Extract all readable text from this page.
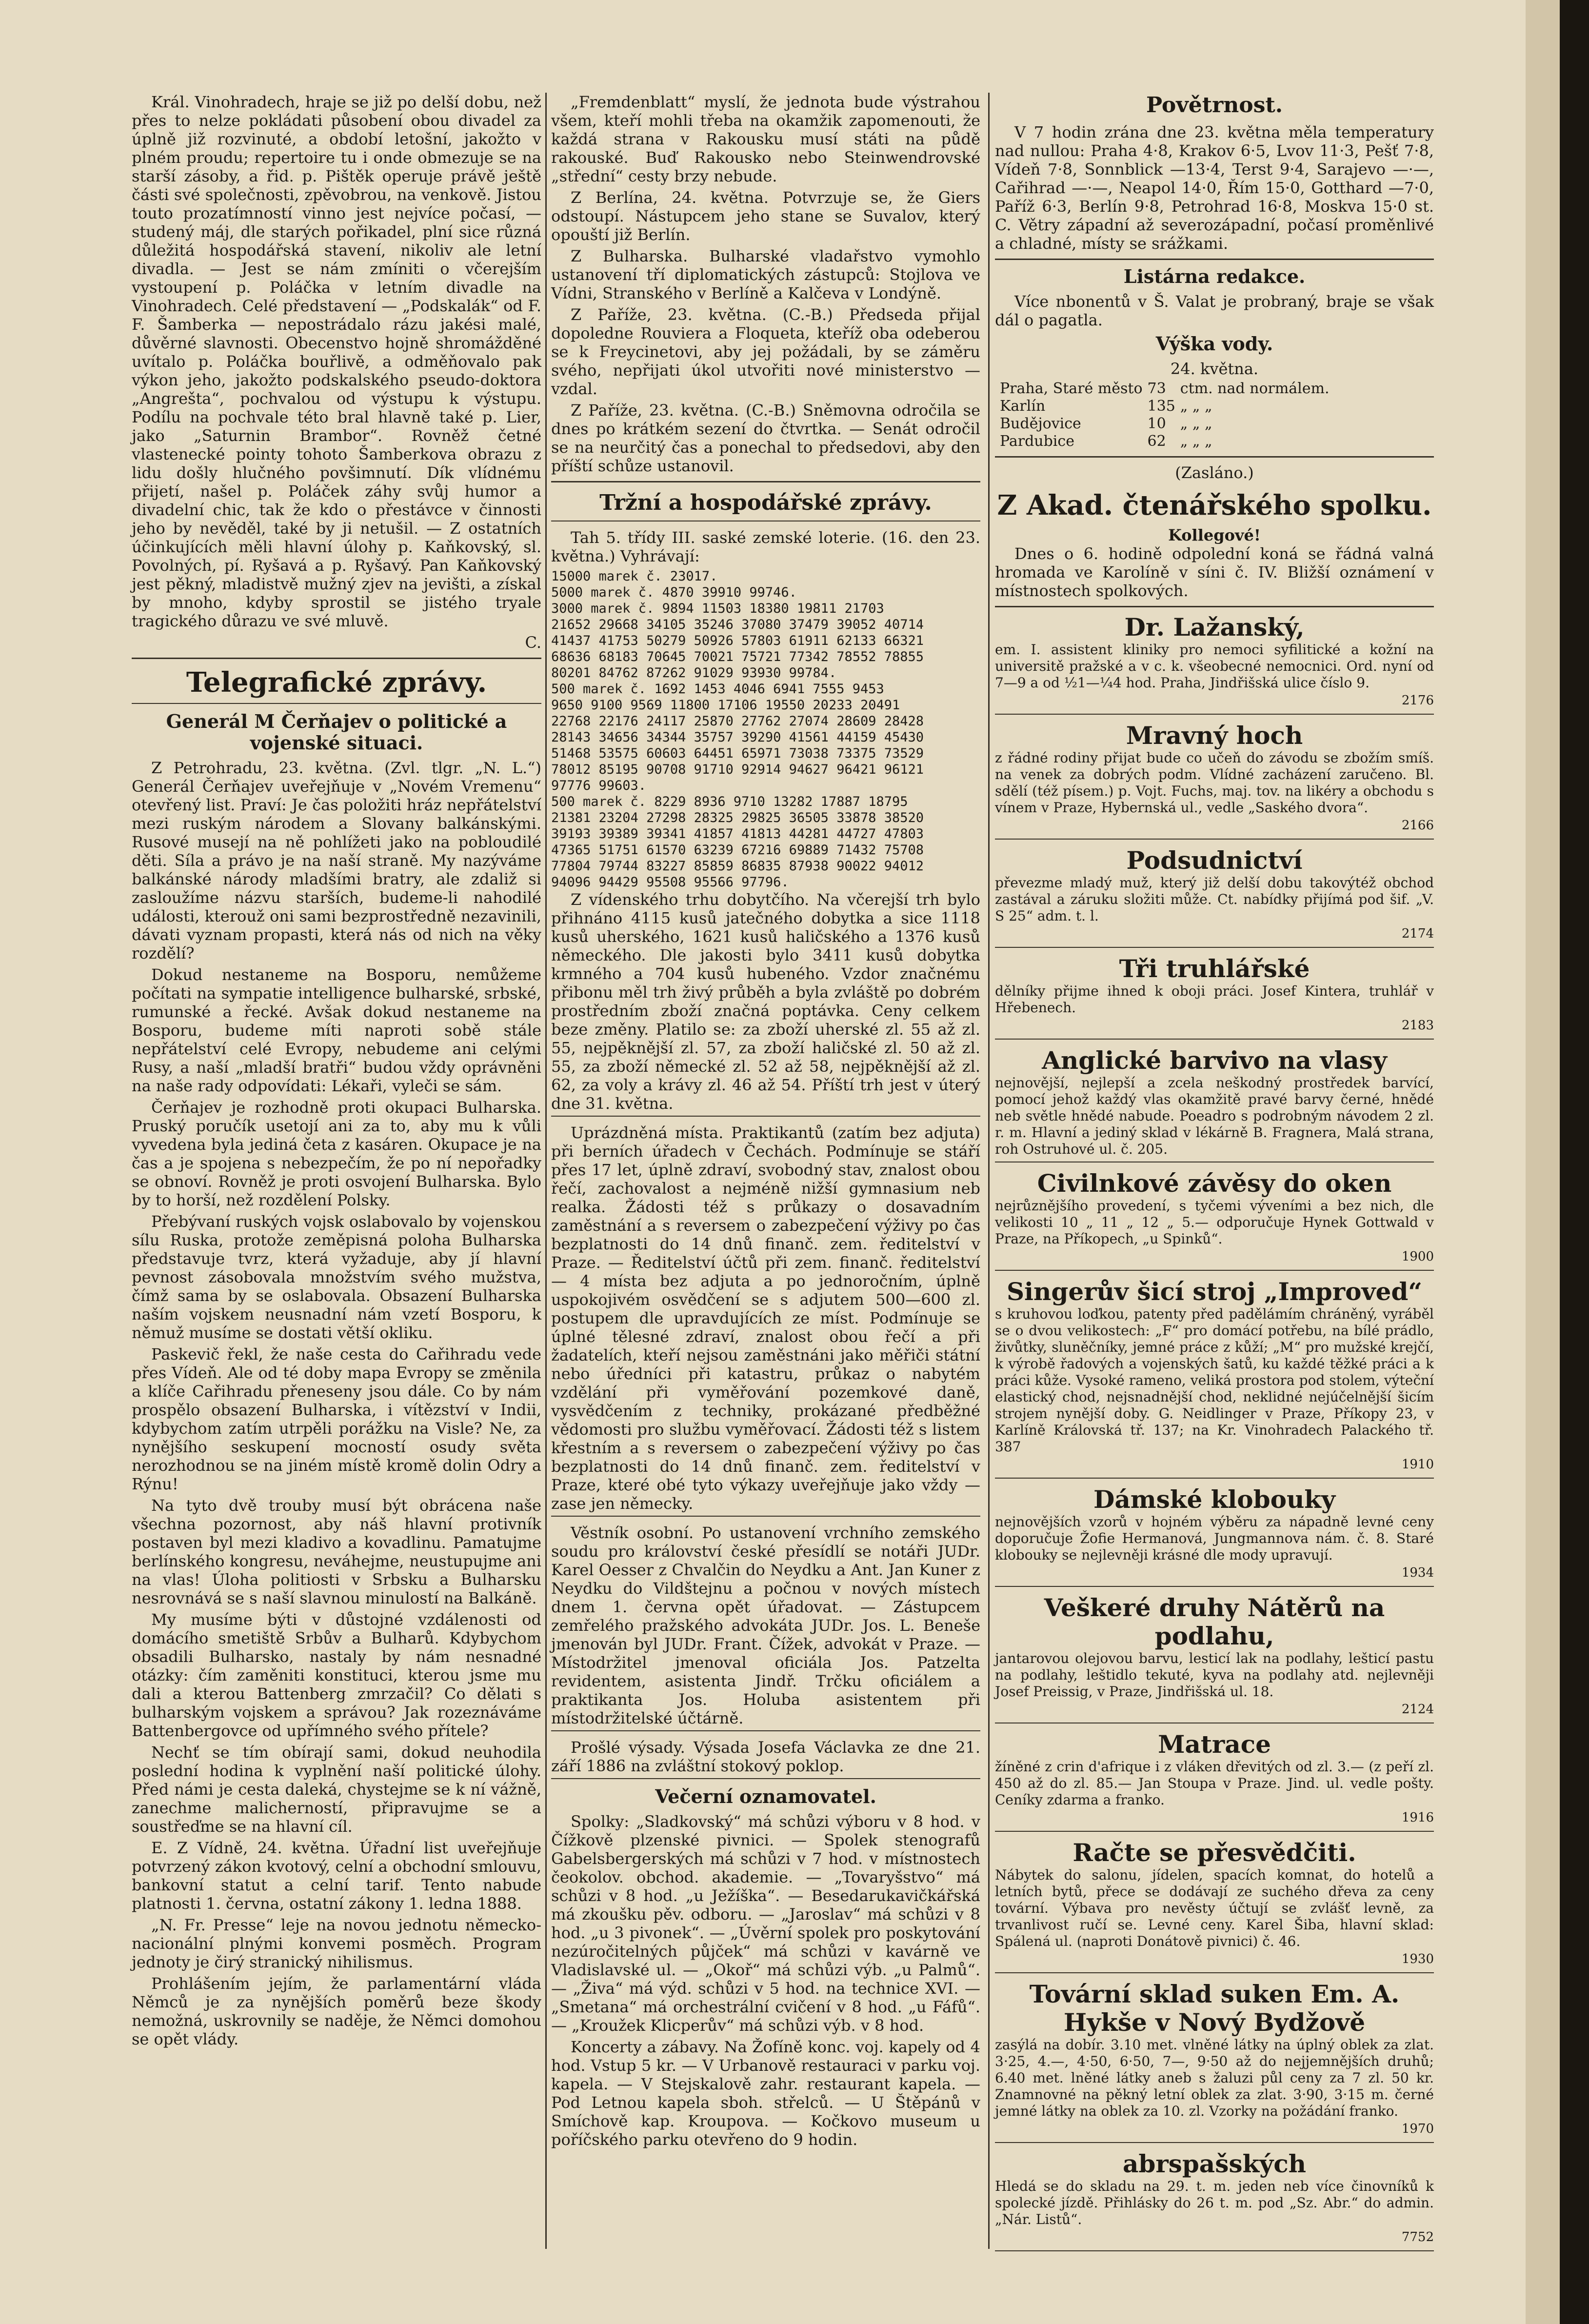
Král. Vinohradech, hraje se již po delší dobu, než přes to nelze pokládati působení obou divadel za úplně již rozvinuté, a období letošní, jakožto v plném proudu; repertoire tu i onde obmezuje se na starší zásoby, a řid. p. Pištěk operuje právě ještě části své společnosti, zpěvobrou, na venkově. Jistou touto prozatímností vinno jest nejvíce počasí, — studený máj, dle starých pořikadel, plní sice různá důležitá hospodářská stavení, nikoliv ale letní divadla. — Jest se nám zmíniti o včerejším vystoupení p. Poláčka v letním divadle na Vinohradech. Celé představení — „Podskalák“ od F. F. Šamberka — nepostrádalo rázu jakési malé, důvěrné slavnosti. Obecenstvo hojně shromážděné uvítalo p. Poláčka bouřlivě, a odměňovalo pak výkon jeho, jakožto podskalského pseudo-doktora „Angrešta“, pochvalou od výstupu k výstupu. Podílu na pochvale této bral hlavně také p. Lier, jako „Saturnin Brambor“. Rovněž četné vlastenecké pointy tohoto Šamberkova obrazu z lidu došly hlučného povšimnutí. Dík vlídnému přijetí, našel p. Poláček záhy svůj humor a divadelní chic, tak že kdo o přestávce v činnosti jeho by nevěděl, také by ji netušil. — Z ostatních účinkujících měli hlavní úlohy p. Kaňkovský, sl. Povolných, pí. Ryšavá a p. Ryšavý. Pan Kaňkovský jest pěkný, mladistvě mužný zjev na jevišti, a získal by mnoho, kdyby sprostil se jistého tryale tragického důrazu ve své mluvě.

C.

Telegrafické zprávy.
Generál M Čerňajev o politické a vojenské situaci.

Z Petrohradu, 23. května. (Zvl. tlgr. „N. L.“) Generál Čerňajev uveřejňuje v „Novém Vremenu“ otevřený list. Praví: Je čas položiti hráz nepřátelství mezi ruským národem a Slovany balkánskými. Rusové musejí na ně pohlížeti jako na pobloudilé děti. Síla a právo je na naší straně. My nazýváme balkánské národy mladšími bratry, ale zdaliž si zasloužíme názvu starších, budeme-li nahodilé události, kterouž oni sami bezprostředně nezavinili, dávati vyznam propasti, která nás od nich na věky rozdělí?

Dokud nestaneme na Bosporu, nemůžeme počítati na sympatie intelligence bulharské, srbské, rumunské a řecké. Avšak dokud nestaneme na Bosporu, budeme míti naproti sobě stále nepřátelství celé Evropy, nebudeme ani celými Rusy, a naší „mladší bratři“ budou vždy oprávněni na naše rady odpovídati: Lékaři, vyleči se sám.

Čerňajev je rozhodně proti okupaci Bulharska. Pruský poručík usetojí ani za to, aby mu k vůli vyvedena byla jediná četa z kasáren. Okupace je na čas a je spojena s nebezpečím, že po ní nepořadky se obnoví. Rovněž je proti osvojení Bulharska. Bylo by to horší, než rozdělení Polsky.

Přebývaní ruských vojsk oslabovalo by vojenskou sílu Ruska, protože zeměpisná poloha Bulharska představuje tvrz, která vyžaduje, aby jí hlavní pevnost zásobovala množstvím svého mužstva, čímž sama by se oslabovala. Obsazení Bulharska naším vojskem neusnadní nám vzetí Bosporu, k němuž musíme se dostati větší okliku.

Paskevič řekl, že naše cesta do Cařihradu vede přes Vídeň. Ale od té doby mapa Evropy se změnila a klíče Cařihradu přeneseny jsou dále. Co by nám prospělo obsazení Bulharska, i vítězství v Indii, kdybychom zatím utrpěli porážku na Visle? Ne, za nynějšího seskupení mocností osudy světa nerozhodnou se na jiném místě kromě dolin Odry a Rýnu!

Na tyto dvě trouby musí být obrácena naše všechna pozornost, aby náš hlavní protivník postaven byl mezi kladivo a kovadlinu. Pamatujme berlínského kongresu, neváhejme, neustupujme ani na vlas! Úloha politiosti v Srbsku a Bulharsku nesrovnává se s naší slavnou minulostí na Balkáně.

My musíme býti v důstojné vzdálenosti od domácího smetiště Srbův a Bulharů. Kdybychom obsadili Bulharsko, nastaly by nám nesnadné otázky: čím zaměniti konstituci, kterou jsme mu dali a kterou Battenberg zmrzačil? Co dělati s bulharským vojskem a správou? Jak rozeznáváme Battenbergovce od upřímného svého přítele?

Nechť se tím obírají sami, dokud neuhodila poslední hodina k vyplnění naší politické úlohy. Před námi je cesta daleká, chystejme se k ní vážně, zanechme malicherností, připravujme se a soustřeďme se na hlavní cíl.

E. Z Vídně, 24. května. Úřadní list uveřejňuje potvrzený zákon kvotový, celní a obchodní smlouvu, bankovní statut a celní tarif. Tento nabude platnosti 1. června, ostatní zákony 1. ledna 1888.

„N. Fr. Presse“ leje na novou jednotu německo-nacionální plnými konvemi posměch. Program jednoty je čirý stranický nihilismus.

Prohlášením jejím, že parlamentární vláda Němců je za nynějších poměrů beze škody nemožná, uskrovnily se naděje, že Němci domohou se opět vlády.

„Fremdenblatt“ myslí, že jednota bude výstrahou všem, kteří mohli třeba na okamžik zapomenouti, že každá strana v Rakousku musí státi na půdě rakouské. Buď Rakousko nebo Steinwendrovské „střední“ cesty brzy nebude.

Z Berlína, 24. května. Potvrzuje se, že Giers odstoupí. Nástupcem jeho stane se Suvalov, který opouští již Berlín.

Z Bulharska. Bulharské vladařstvo vymohlo ustanovení tří diplomatických zástupců: Stojlova ve Vídni, Stranského v Berlíně a Kalčeva v Londýně.

Z Paříže, 23. května. (C.-B.) Předseda přijal dopoledne Rouviera a Floqueta, kteříž oba odeberou se k Freycinetovi, aby jej požádali, by se záměru svého, nepřijati úkol utvořiti nové ministerstvo — vzdal.

Z Paříže, 23. května. (C.-B.) Sněmovna odročila se dnes po krátkém sezení do čtvrtka. — Senát odročil se na neurčitý čas a ponechal to předsedovi, aby den příští schůze ustanovil.

Tržní a hospodářské zprávy.

Tah 5. třídy III. saské zemské loterie. (16. den 23. května.) Vyhrávají:

15000 marek č. 23017.
5000 marek č. 4870 39910 99746.
3000 marek č. 9894 11503 18380 19811 21703
21652 29668 34105 35246 37080 37479 39052 40714
41437 41753 50279 50926 57803 61911 62133 66321
68636 68183 70645 70021 75721 77342 78552 78855
80201 84762 87262 91029 93930 99784.
500 marek č. 1692 1453 4046 6941 7555 9453
9650 9100 9569 11800 17106 19550 20233 20491
22768 22176 24117 25870 27762 27074 28609 28428
28143 34656 34344 35757 39290 41561 44159 45430
51468 53575 60603 64451 65971 73038 73375 73529
78012 85195 90708 91710 92914 94627 96421 96121
97776 99603.
500 marek č. 8229 8936 9710 13282 17887 18795
21381 23204 27298 28325 29825 36505 33878 38520
39193 39389 39341 41857 41813 44281 44727 47803
47365 51751 61570 63239 67216 69889 71432 75708
77804 79744 83227 85859 86835 87938 90022 94012
94096 94429 95508 95566 97796.

Z vídenského trhu dobytčího. Na včerejší trh bylo přihnáno 4115 kusů jatečného dobytka a sice 1118 kusů uherského, 1621 kusů haličského a 1376 kusů německého. Dle jakosti bylo 3411 kusů dobytka krmného a 704 kusů hubeného. Vzdor značnému přibonu měl trh živý průběh a byla zvláště po dobrém prostředním zboží značná poptávka. Ceny celkem beze změny. Platilo se: za zboží uherské zl. 55 až zl. 55, nejpěknější zl. 57, za zboží haličské zl. 50 až zl. 55, za zboží německé zl. 52 až 58, nejpěknější až zl. 62, za voly a krávy zl. 46 až 54. Příští trh jest v úterý dne 31. května.

Uprázdněná místa. Praktikantů (zatím bez adjuta) při berních úřadech v Čechách. Podmínuje se stáří přes 17 let, úplně zdraví, svobodný stav, znalost obou řečí, zachovalost a nejméně nižší gymnasium neb realka. Žádosti též s průkazy o dosavadním zaměstnání a s reversem o zabezpečení výživy po čas bezplatnosti do 14 dnů finanč. zem. ředitelství v Praze. — Ředitelství účtů při zem. finanč. ředitelství — 4 místa bez adjuta a po jednoročním, úplně uspokojivém osvědčení se s adjutem 500—600 zl. postupem dle upravdujících ze míst. Podmínuje se úplné tělesné zdraví, znalost obou řečí a při žadatelích, kteří nejsou zaměstnáni jako měřiči státní nebo úředníci při katastru, průkaz o nabytém vzdělání při vyměřování pozemkové daně, vysvědčením z techniky, prokázané předběžné vědomosti pro službu vyměřovací. Žádosti též s listem křestním a s reversem o zabezpečení výživy po čas bezplatnosti do 14 dnů finanč. zem. ředitelství v Praze, které obé tyto výkazy uveřejňuje jako vždy — zase jen německy.

Věstník osobní. Po ustanovení vrchního zemského soudu pro království české přesídlí se notáři JUDr. Karel Oesser z Chvalčin do Neydku a Ant. Jan Kuner z Neydku do Vildštejnu a počnou v nových místech dnem 1. června opět úřadovat. — Zástupcem zemřelého pražského advokáta JUDr. Jos. L. Beneše jmenován byl JUDr. Frant. Čížek, advokát v Praze. — Místodržitel jmenoval oficiála Jos. Patzelta revidentem, asistenta Jindř. Trčku oficiálem a praktikanta Jos. Holuba asistentem při místodržitelské účtárně.

Prošlé výsady. Výsada Josefa Václavka ze dne 21. září 1886 na zvláštní stokový poklop.

Večerní oznamovatel.

Spolky: „Sladkovský“ má schůzi výboru v 8 hod. v Čížkově plzenské pivnici. — Spolek stenografů Gabelsbergerských má schůzi v 7 hod. v místnostech čeokolov. obchod. akademie. — „Tovaryšstvo“ má schůzi v 8 hod. „u Ježíška“. — Besedarukavičkářská má zkoušku pěv. odboru. — „Jaroslav“ má schůzi v 8 hod. „u 3 pivonek“. — „Úvěrní spolek pro poskytování nezúročitelných půjček“ má schůzi v kavárně ve Vladislavské ul. — „Okoř“ má schůzi výb. „u Palmů“. — „Živa“ má výd. schůzi v 5 hod. na technice XVI. — „Smetana“ má orchestrální cvičení v 8 hod. „u Fáfů“. — „Kroužek Klicperův“ má schůzi výb. v 8 hod.

Koncerty a zábavy. Na Žofíně konc. voj. kapely od 4 hod. Vstup 5 kr. — V Urbanově restauraci v parku voj. kapela. — V Stejskalově zahr. restaurant kapela. — Pod Letnou kapela sboh. střelců. — U Štěpánů v Smíchově kap. Kroupova. — Kočkovo museum u poříčského parku otevřeno do 9 hodin.

Povětrnost.

V 7 hodin zrána dne 23. května měla temperatury nad nullou: Praha 4·8, Krakov 6·5, Lvov 11·3, Pešť 7·8, Vídeň 7·8, Sonnblick —13·4, Terst 9·4, Sarajevo —·—, Cařihrad —·—, Neapol 14·0, Řím 15·0, Gotthard —7·0, Paříž 6·3, Berlín 9·8, Petrohrad 16·8, Moskva 15·0 st. C. Větry západní až severozápadní, počasí proměnlivé a chladné, místy se srážkami.

Listárna redakce.

Více nbonentů v Š. Valat je probraný, braje se však dál o pagatla.

Výška vody.
24. května.
Praha, Staré město	73	ctm. nad normálem.
Karlín	135	„ „ „
Budějovice	10	„ „ „
Pardubice	62	„ „ „
(Zasláno.)
Z Akad. čtenářského spolku.
Kollegové!

Dnes o 6. hodině odpolední koná se řádná valná hromada ve Karolíně v síni č. IV. Bližší oznámení v místnostech spolkových.

Dr. Lažanský,
em. I. assistent kliniky pro nemoci syfilitické a kožní na universitě pražské a v c. k. všeobecné nemocnici. Ord. nyní od 7—9 a od ½1—¼4 hod. Praha, Jindřišská ulice číslo 9.
2176
Mravný hoch
z řádné rodiny přijat bude co učeň do závodu se zbožím smíš. na venek za dobrých podm. Vlídné zacházení zaručeno. Bl. sdělí (též písem.) p. Vojt. Fuchs, maj. tov. na likéry a obchodu s vínem v Praze, Hybernská ul., vedle „Saského dvora“.
2166
Podsudnictví
převezme mladý muž, který již delší dobu takovýtéž obchod zastával a záruku složiti může. Ct. nabídky přijímá pod šif. „V. S 25“ adm. t. l.
2174
Tři truhlářské
dělníky přijme ihned k oboji práci. Josef Kintera, truhlář v Hřebenech.
2183
Anglické barvivo na vlasy
nejnovější, nejlepší a zcela neškodný prostředek barvící, pomocí jehož každý vlas okamžitě pravé barvy černé, hnědé neb světle hnědé nabude. Poeadro s podrobným návodem 2 zl. r. m. Hlavní a jediný sklad v lékárně B. Fragnera, Malá strana, roh Ostruhové ul. č. 205.
Civilnkové závěsy do oken
nejrůznějšího provedení, s tyčemi výveními a bez nich, dle velikosti 10 „ 11 „ 12 „ 5.— odporučuje Hynek Gottwald v Praze, na Příkopech, „u Spinků“.
1900
Singerův šicí stroj „Improved“
s kruhovou loďkou, patenty před padělámím chráněný, vyráběl se o dvou velikostech: „F“ pro domácí potřebu, na bílé prádlo, živůtky, sluněčníky, jemné práce z kůží; „M“ pro mužské krejčí, k výrobě řadových a vojenských šatů, ku každé těžké práci a k práci kůže. Vysoké rameno, veliká prostora pod stolem, výteční elastický chod, nejsnadnější chod, neklidné nejúčelnější šicím strojem nynější doby. G. Neidlinger v Praze, Příkopy 23, v Karlíně Královská tř. 137; na Kr. Vinohradech Palackého tř. 387
1910
Dámské klobouky
nejnovějších vzorů v hojném výběru za nápadně levné ceny doporučuje Žofie Hermanová, Jungmannova nám. č. 8. Staré klobouky se nejlevněji krásné dle mody upravují.
1934
Veškeré druhy Nátěrů na podlahu,
jantarovou olejovou barvu, lesticí lak na podlahy, lešticí pastu na podlahy, leštidlo tekuté, kyva na podlahy atd. nejlevněji Josef Preissig, v Praze, Jindřišská ul. 18.
2124
Matrace
žíněné z crin d'afrique i z vláken dřevitých od zl. 3.— (z peří zl. 450 až do zl. 85.— Jan Stoupa v Praze. Jind. ul. vedle pošty. Ceníky zdarma a franko.
1916
Račte se přesvědčiti.
Nábytek do salonu, jídelen, spacích komnat, do hotelů a letních bytů, přece se dodávají ze suchého dřeva za ceny tovární. Výbava pro nevěsty účtují se zvlášť levně, za trvanlivost ručí se. Levné ceny. Karel Šiba, hlavní sklad: Spálená ul. (naproti Donátově pivnici) č. 46.
1930
Tovární sklad suken Em. A. Hykše v Nový Bydžově
zasýlá na dobír. 3.10 met. vlněné látky na úplný oblek za zlat. 3·25, 4.—, 4·50, 6·50, 7—, 9·50 až do nejjemnějších druhů; 6.40 met. lněné látky aneb s žaluzi půl ceny za 7 zl. 50 kr. Znamnovné na pěkný letní oblek za zlat. 3·90, 3·15 m. černé jemné látky na oblek za 10. zl. Vzorky na požádání franko.
1970
abrspašských
Hledá se do skladu na 29. t. m. jeden neb více činovníků k spolecké jízdě. Přihlásky do 26 t. m. pod „Sz. Abr.“ do admin. „Nár. Listů“.
7752
